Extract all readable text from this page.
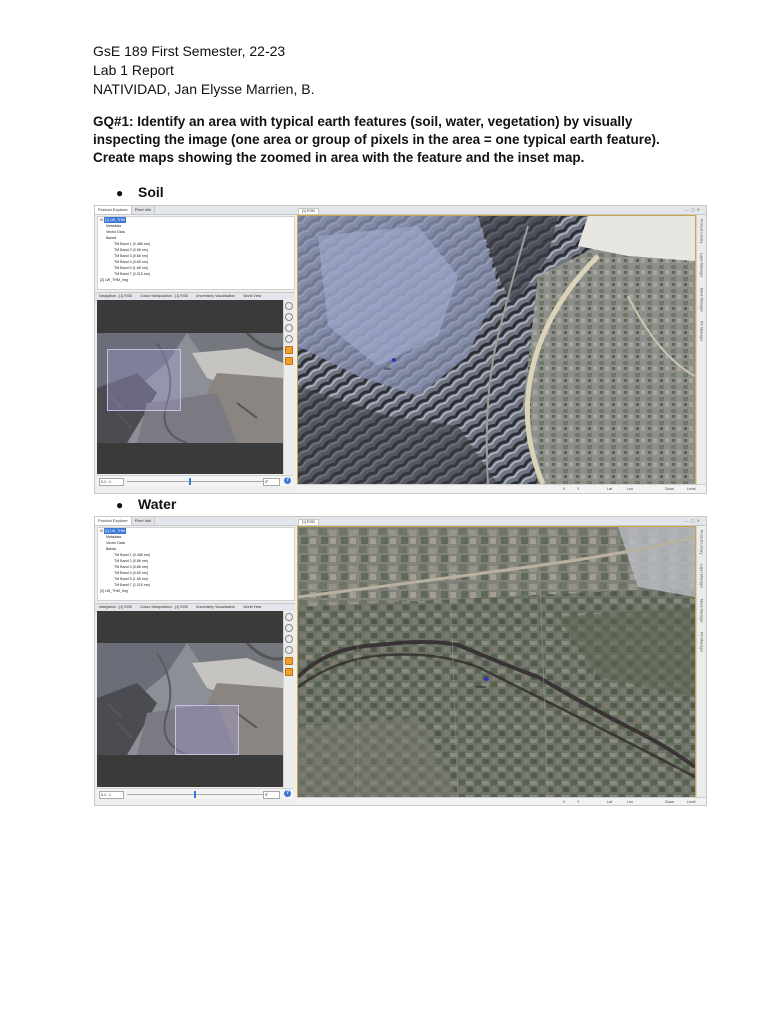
GsE 189 First Semester, 22-23
Lab 1 Report
NATIVIDAD, Jan Elysse Marrien, B.
GQ#1: Identify an area with typical earth features (soil, water, vegetation) by visually inspecting the image (one area or group of pixels in the area = one typical earth feature). Create maps showing the zoomed in area with the feature and the inset map.
● Soil
Product Explorer Pixel Info
⊟ [1] LW_THM
Metadata
Vector Data
Bands
TM Band 1 (0.485 nm)
TM Band 2 (0.56 nm)
TM Band 3 (0.66 nm)
TM Band 4 (0.83 nm)
TM Band 5 (1.65 nm)
TM Band 7 (2.215 nm)
[2] LW_THM_img
Navigation - [1] RGB Colour Manipulation - [1] RGB Uncertainty Visualisation World View
0.1 : 1	0°	?
[1] RGB	—▢✕
Soil
Product Library
Layer Manager
Mask Manager
Pin Manager
X	Y	Lat	Lon	Zoom	Level
● Water
Product Explorer Pixel Info
⊟ [1] LW_THM
Metadata
Vector Data
Bands
TM Band 1 (0.485 nm)
TM Band 2 (0.56 nm)
TM Band 3 (0.66 nm)
TM Band 4 (0.83 nm)
TM Band 5 (1.65 nm)
TM Band 7 (2.215 nm)
[2] LW_THM_img
Navigation - [1] RGB Colour Manipulation - [1] RGB Uncertainty Visualisation World View
0.1 : 1	0°	?
[1] RGB	—▢✕
Water
Product Library
Layer Manager
Mask Manager
Pin Manager
X	Y	Lat	Lon	Zoom	Level
